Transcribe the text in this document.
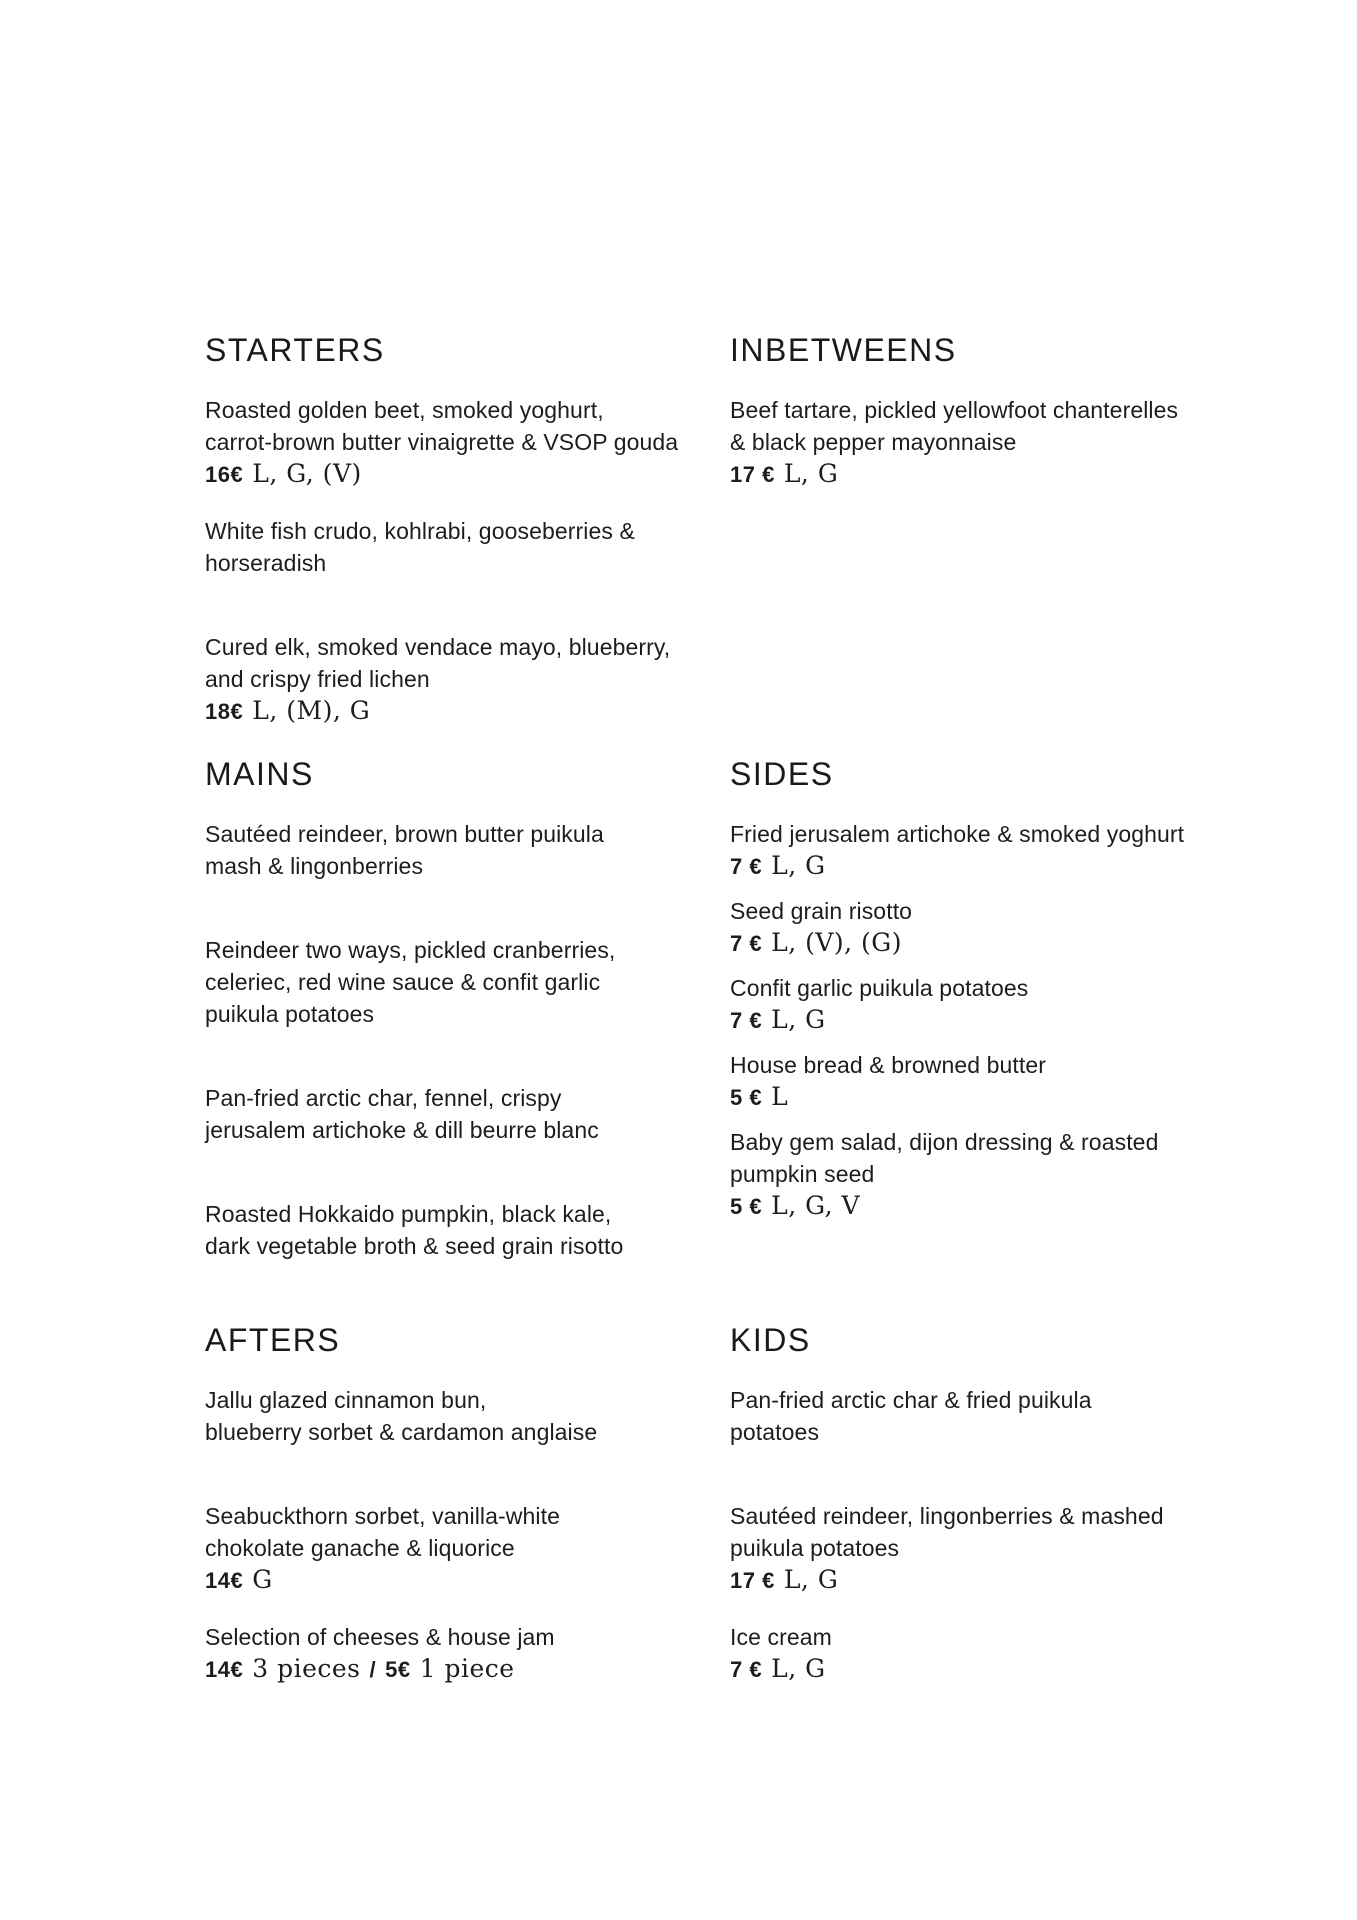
STARTERS
Roasted golden beet, smoked yoghurt,
carrot-brown butter vinaigrette & VSOP gouda
16€ L, G, (V)
White fish crudo, kohlrabi, gooseberries &
horseradish
Cured elk, smoked vendace mayo, blueberry,
and crispy fried lichen
18€ L, (M), G
INBETWEENS
Beef tartare, pickled yellowfoot chanterelles
& black pepper mayonnaise
17 € L, G
MAINS
Sautéed reindeer, brown butter puikula
mash & lingonberries
Reindeer two ways, pickled cranberries,
celeriec, red wine sauce & confit garlic
puikula potatoes
Pan-fried arctic char, fennel, crispy
jerusalem artichoke & dill beurre blanc
Roasted Hokkaido pumpkin, black kale,
dark vegetable broth & seed grain risotto
SIDES
Fried jerusalem artichoke & smoked yoghurt
7 € L, G
Seed grain risotto
7 € L, (V), (G)
Confit garlic puikula potatoes
7 € L, G
House bread & browned butter
5 € L
Baby gem salad, dijon dressing & roasted
pumpkin seed
5 € L, G, V
AFTERS
Jallu glazed cinnamon bun,
blueberry sorbet & cardamon anglaise
Seabuckthorn sorbet, vanilla-white
chokolate ganache & liquorice
14€ G
Selection of cheeses & house jam
14€ 3 pieces / 5€ 1 piece
KIDS
Pan-fried arctic char & fried puikula
potatoes
Sautéed reindeer, lingonberries & mashed
puikula potatoes
17 € L, G
Ice cream
7 € L, G
